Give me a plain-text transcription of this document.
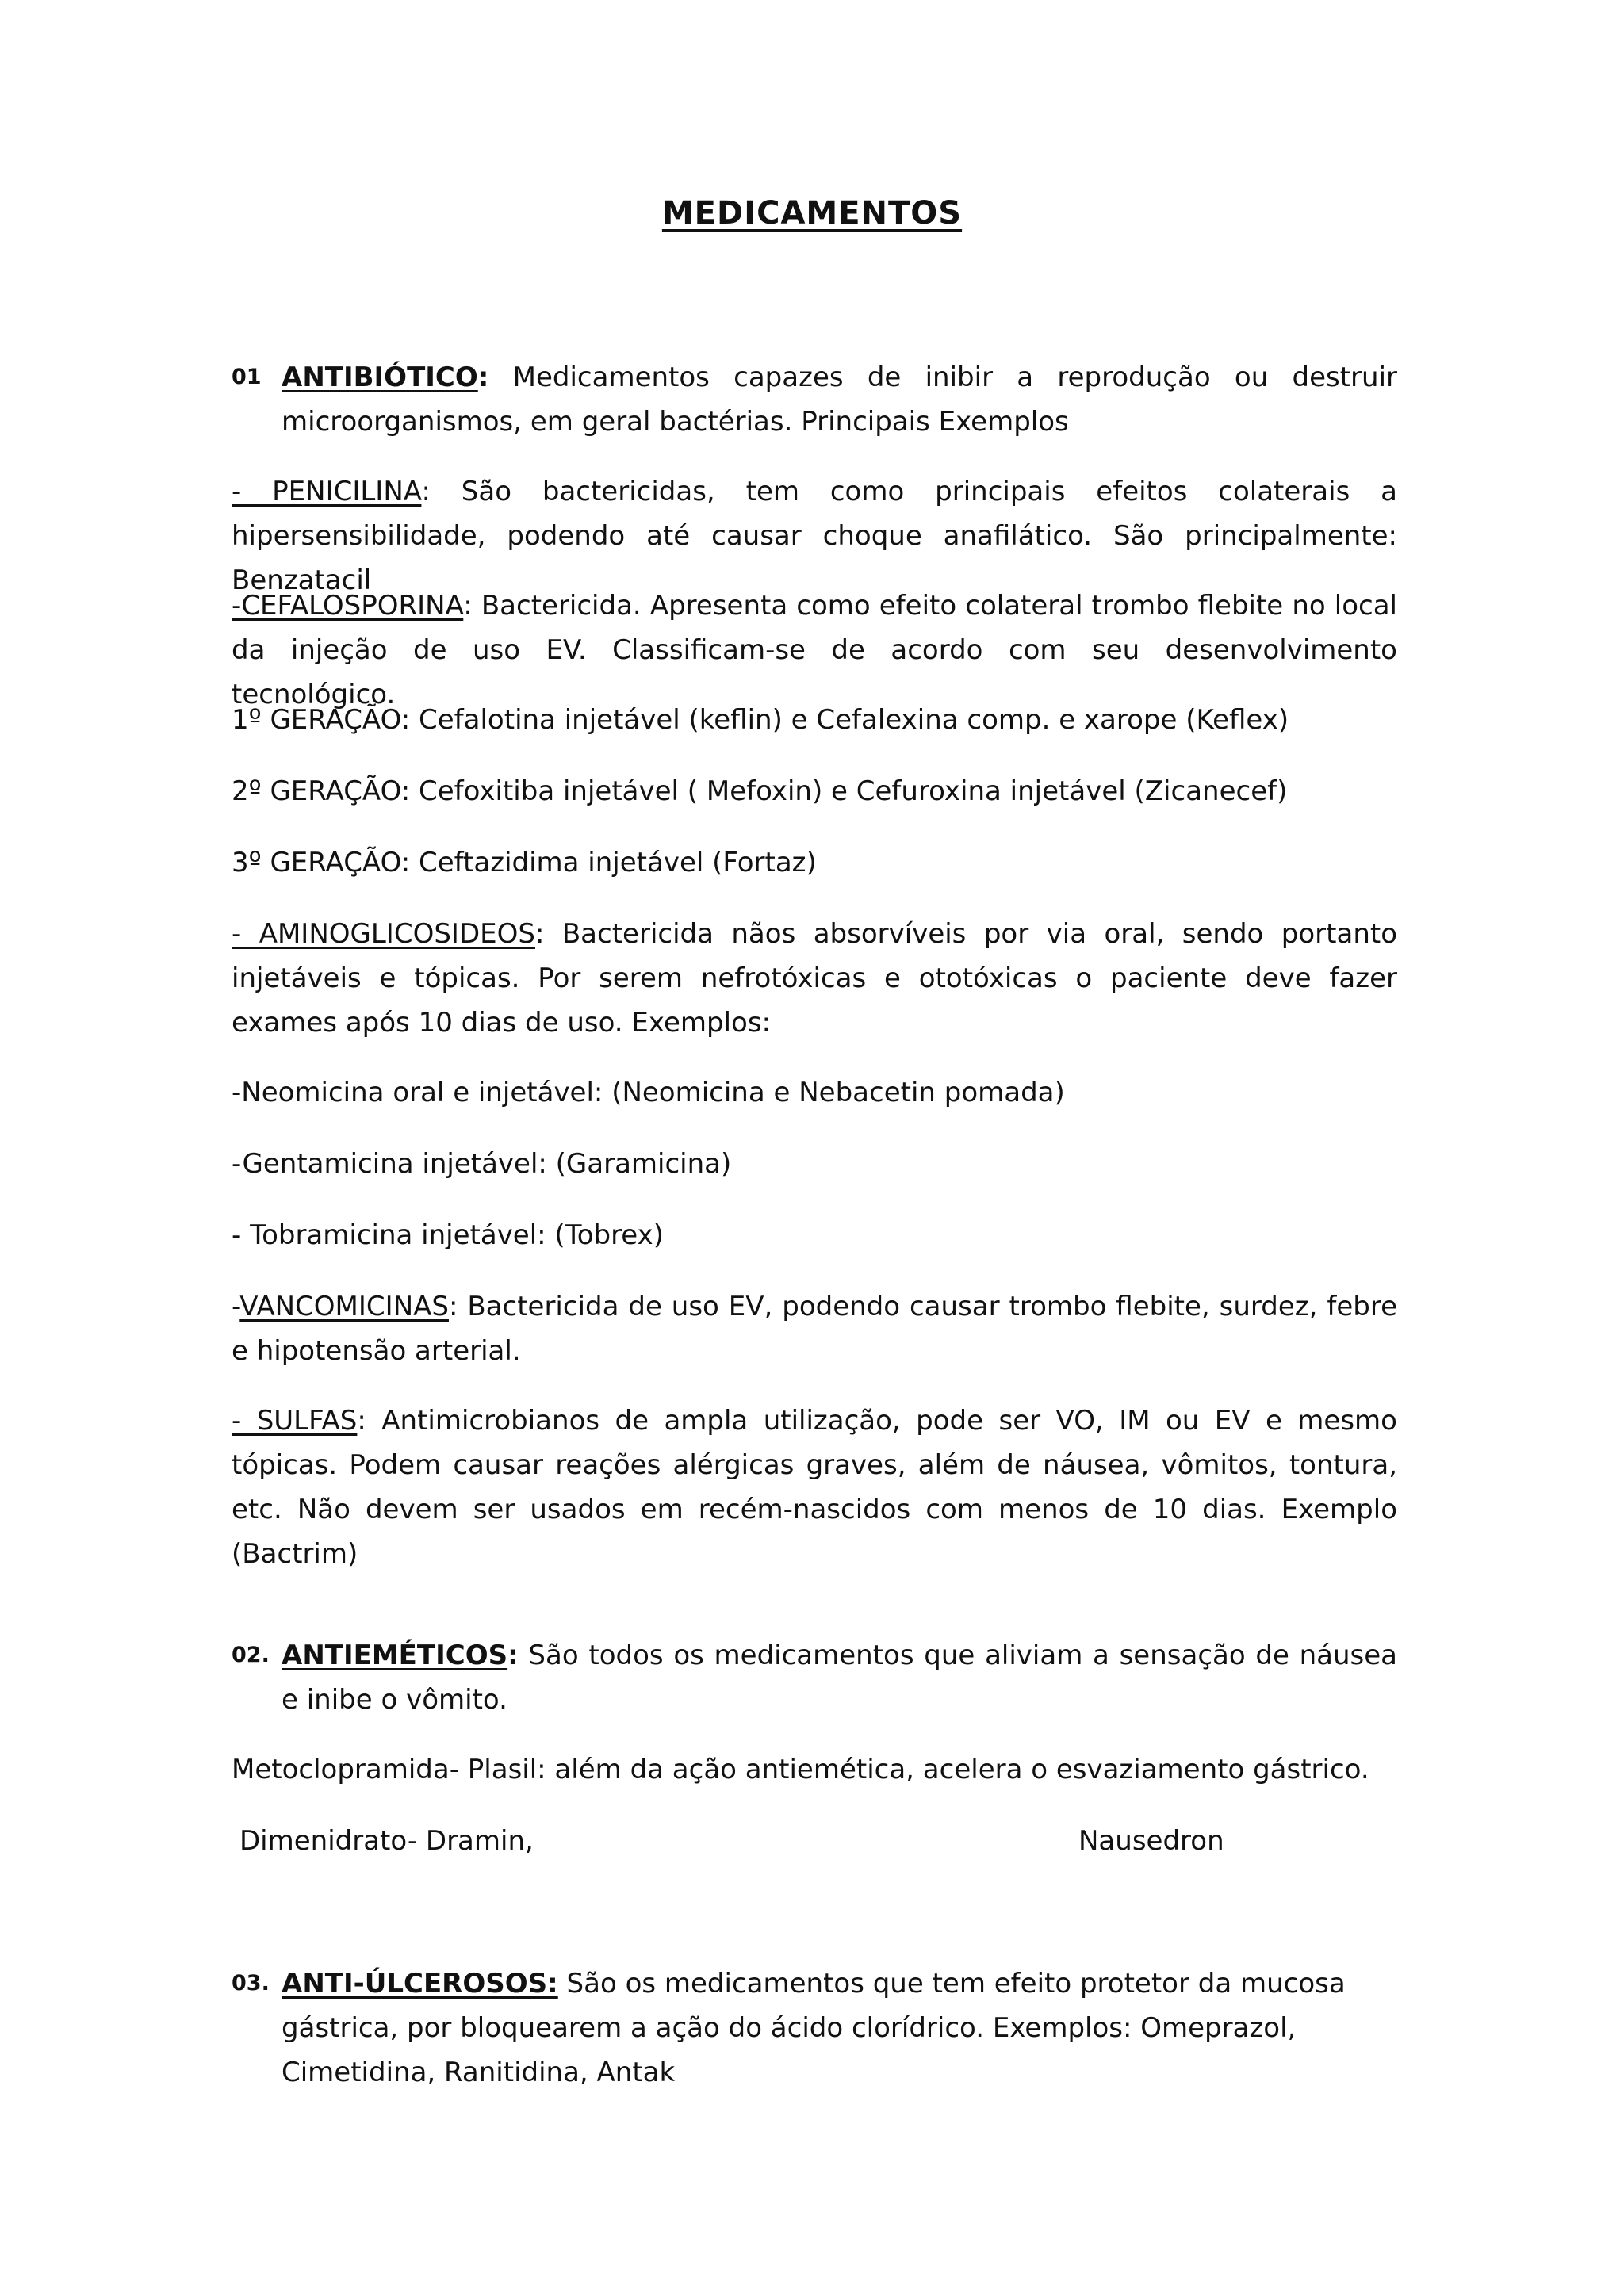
MEDICAMENTOS
01 ANTIBIÓTICO: Medicamentos capazes de inibir a reprodução ou destruir microorganismos, em geral bactérias. Principais Exemplos
- PENICILINA: São bactericidas, tem como principais efeitos colaterais a hipersensibilidade, podendo até causar choque anafilático. São principalmente: Benzatacil
-CEFALOSPORINA: Bactericida. Apresenta como efeito colateral trombo flebite no local da injeção de uso EV. Classificam-se de acordo com seu desenvolvimento tecnológico.
1º GERAÇÃO: Cefalotina injetável (keflin) e Cefalexina comp. e xarope (Keflex)
2º GERAÇÃO: Cefoxitiba injetável ( Mefoxin) e Cefuroxina injetável (Zicanecef)
3º GERAÇÃO: Ceftazidima injetável (Fortaz)
- AMINOGLICOSIDEOS: Bactericida nãos absorvíveis por via oral, sendo portanto injetáveis e tópicas. Por serem nefrotóxicas e ototóxicas o paciente deve fazer exames após 10 dias de uso. Exemplos:
-Neomicina oral e injetável: (Neomicina e Nebacetin pomada)
-Gentamicina injetável: (Garamicina)
- Tobramicina injetável: (Tobrex)
-VANCOMICINAS: Bactericida de uso EV, podendo causar trombo flebite, surdez, febre e hipotensão arterial.
- SULFAS: Antimicrobianos de ampla utilização, pode ser VO, IM ou EV e mesmo tópicas. Podem causar reações alérgicas graves, além de náusea, vômitos, tontura, etc. Não devem ser usados em recém-nascidos com menos de 10 dias. Exemplo (Bactrim)
02. ANTIEMÉTICOS: São todos os medicamentos que aliviam a sensação de náusea e inibe o vômito.
Metoclopramida- Plasil: além da ação antiemética, acelera o esvaziamento gástrico.
Dimenidrato- Dramin,	Nausedron
03. ANTI-ÚLCEROSOS: São os medicamentos que tem efeito protetor da mucosa gástrica, por bloquearem a ação do ácido clorídrico. Exemplos: Omeprazol, Cimetidina, Ranitidina, Antak
